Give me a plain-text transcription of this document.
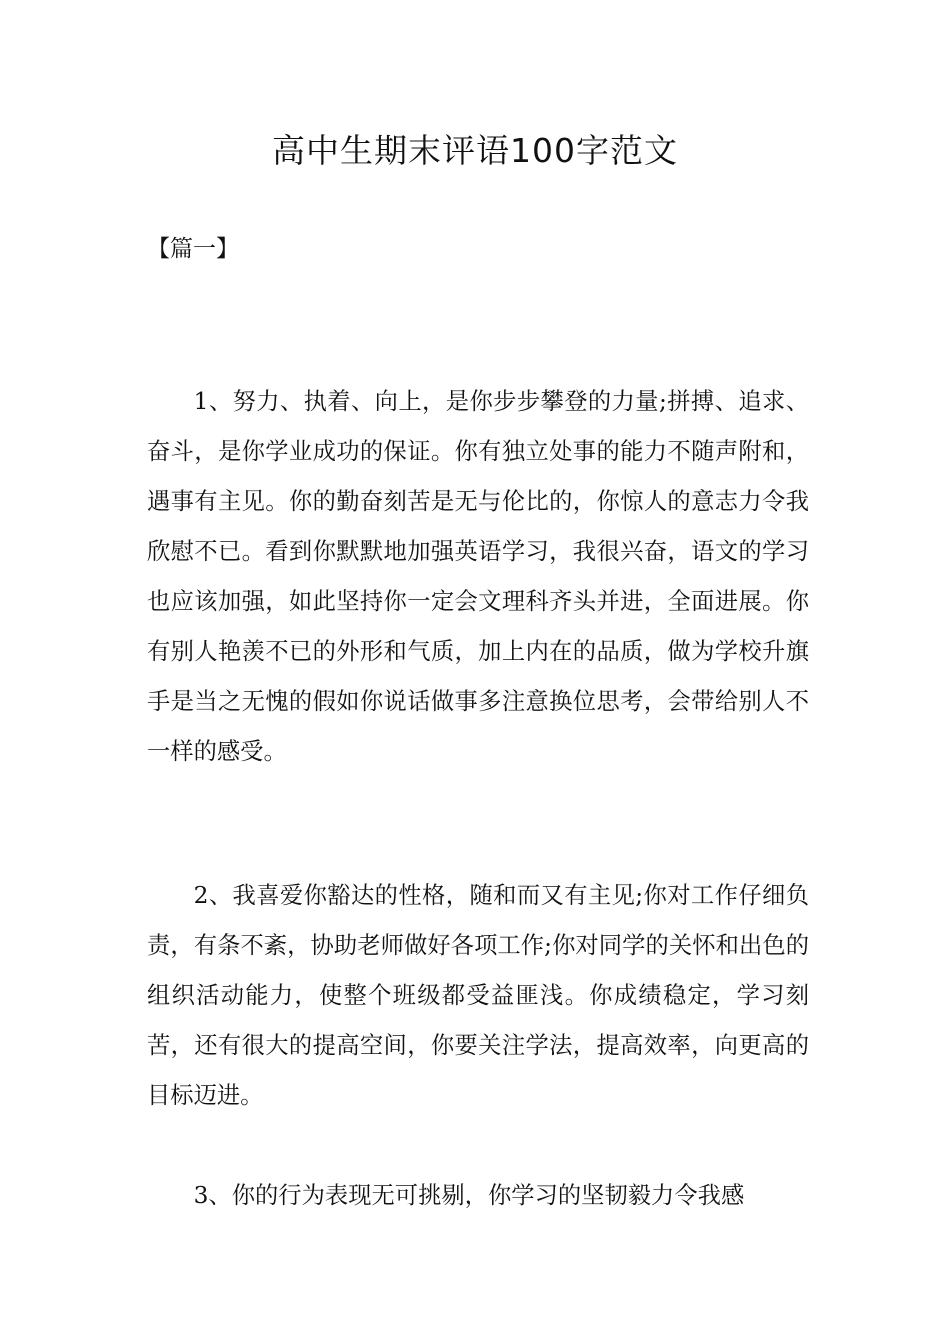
高中生期末评语100字范文
【篇一】

1、努力、执着、向上，是你步步攀登的力量;拼搏、追求、奋斗，是你学业成功的保证。你有独立处事的能力不随声附和，遇事有主见。你的勤奋刻苦是无与伦比的，你惊人的意志力令我欣慰不已。看到你默默地加强英语学习，我很兴奋，语文的学习也应该加强，如此坚持你一定会文理科齐头并进，全面进展。你有别人艳羡不已的外形和气质，加上内在的品质，做为学校升旗手是当之无愧的假如你说话做事多注意换位思考，会带给别人不一样的感受。

2、我喜爱你豁达的性格，随和而又有主见;你对工作仔细负责，有条不紊，协助老师做好各项工作;你对同学的关怀和出色的组织活动能力，使整个班级都受益匪浅。你成绩稳定，学习刻苦，还有很大的提高空间，你要关注学法，提高效率，向更高的目标迈进。

3、你的行为表现无可挑剔，你学习的坚韧毅力令我感
